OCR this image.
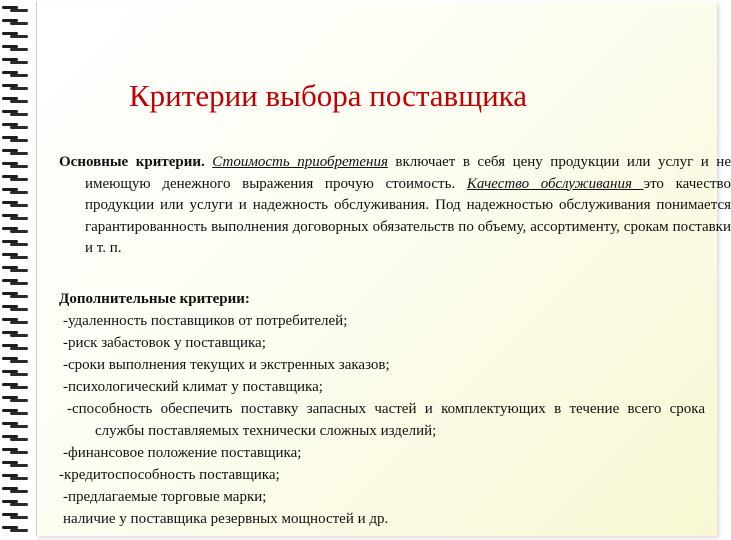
Критерии выбора поставщика
Основные критерии. Стоимость приобретения включает в себя цену продукции или услуг и не имеющую денежного выражения прочую стоимость. Качество обслуживания это качество продукции или услуги и надежность обслуживания. Под надежностью обслуживания понимается гарантированность выполнения договорных обязательств по объему, ассортименту, срокам поставки и т. п.
Дополнительные критерии:
-удаленность поставщиков от потребителей;
-риск забастовок у поставщика;
-сроки выполнения текущих и экстренных заказов;
-психологический климат у поставщика;
-способность обеспечить поставку запасных частей и комплектующих в течение всего срока службы поставляемых технически сложных изделий;
-финансовое положение поставщика;
-кредитоспособность поставщика;
-предлагаемые торговые марки;
наличие у поставщика резервных мощностей и др.
